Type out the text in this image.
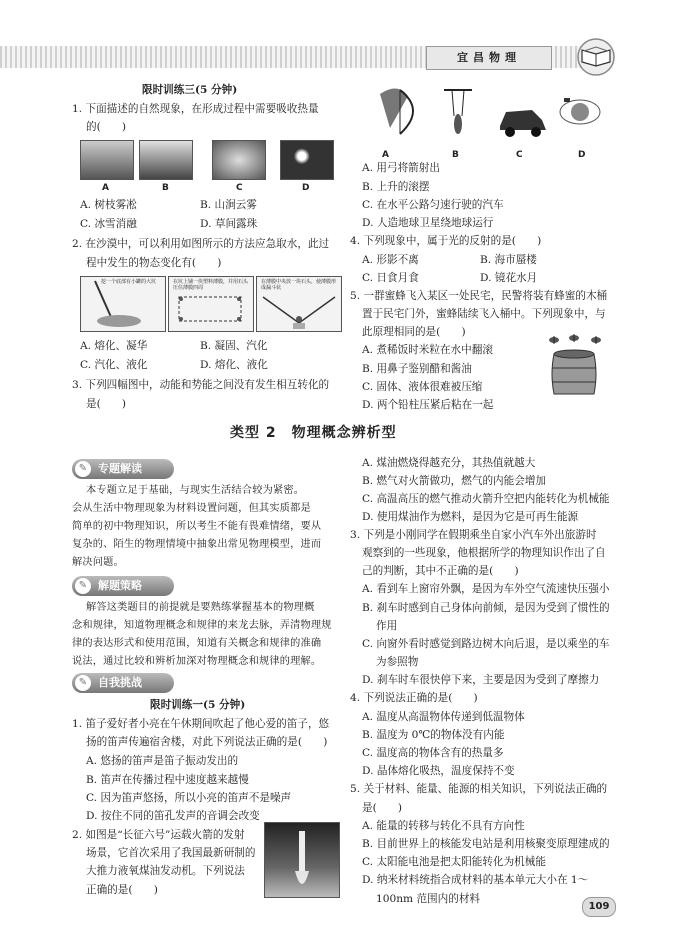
宜昌物理
限时训练三(5 分钟)
1. 下面描述的自然现象，在形成过程中需要吸收热量
的(　　)
A	B	C	D
A. 树枝雾凇	B. 山涧云雾
C. 冰雪消融	D. 草间露珠
2. 在沙漠中，可以利用如图所示的方法应急取水，此过
程中发生的物态变化有(　　)
挖一个底部有小罐的大坑	在坑上铺一块塑料薄膜，并用石头压住薄膜四周
在薄膜中央放一块石头，使薄膜形成漏斗状
A. 熔化、凝华	B. 凝固、汽化
C. 汽化、液化	D. 熔化、液化
3. 下列四幅图中，动能和势能之间没有发生相互转化的
是(　　)
A	B	C	D
A. 用弓将箭射出
B. 上升的滚摆
C. 在水平公路匀速行驶的汽车
D. 人造地球卫星绕地球运行
4. 下列现象中，属于光的反射的是(　　)
A. 形影不离	B. 海市蜃楼
C. 日食月食	D. 镜花水月
5. 一群蜜蜂飞入某区一处民宅，民警将装有蜂蜜的木桶
置于民宅门外，蜜蜂陆续飞入桶中。下列现象中，与
此原理相同的是(　　)
A. 煮稀饭时米粒在水中翻滚
B. 用鼻子鉴别醋和酱油
C. 固体、液体很难被压缩
D. 两个铅柱压紧后粘在一起
类型 2　物理概念辨析型
✎ 专题解读
本专题立足于基础，与现实生活结合较为紧密。
会从生活中物理现象为材料设置问题，但其实质都是
简单的初中物理知识，所以考生不能有畏难情绪，要从
复杂的、陌生的物理情境中抽象出常见物理模型，进而
解决问题。
✎ 解题策略
解答这类题目的前提就是要熟练掌握基本的物理概
念和规律，知道物理概念和规律的来龙去脉，弄清物理规
律的表达形式和使用范围，知道有关概念和规律的准确
说法，通过比较和辨析加深对物理概念和规律的理解。
✎ 自我挑战
限时训练一(5 分钟)
1. 笛子爱好者小亮在午休期间吹起了他心爱的笛子，悠
扬的笛声传遍宿舍楼，对此下列说法正确的是(　　)
A. 悠扬的笛声是笛子振动发出的
B. 笛声在传播过程中速度越来越慢
C. 因为笛声悠扬，所以小亮的笛声不是噪声
D. 按住不同的笛孔发声的音调会改变
2. 如图是“长征六号”运载火箭的发射
场景，它首次采用了我国最新研制的
大推力液氧煤油发动机。下列说法
正确的是(　　)
A. 煤油燃烧得越充分，其热值就越大
B. 燃气对火箭做功，燃气的内能会增加
C. 高温高压的燃气推动火箭升空把内能转化为机械能
D. 使用煤油作为燃料，是因为它是可再生能源
3. 下列是小刚同学在假期乘坐自家小汽车外出旅游时
观察到的一些现象，他根据所学的物理知识作出了自
己的判断，其中不正确的是(　　)
A. 看到车上窗帘外飘，是因为车外空气流速快压强小
B. 刹车时感到自己身体向前倾，是因为受到了惯性的
作用
C. 向窗外看时感觉到路边树木向后退，是以乘坐的车
为参照物
D. 刹车时车很快停下来，主要是因为受到了摩擦力
4. 下列说法正确的是(　　)
A. 温度从高温物体传递到低温物体
B. 温度为 0℃的物体没有内能
C. 温度高的物体含有的热量多
D. 晶体熔化吸热，温度保持不变
5. 关于材料、能量、能源的相关知识，下列说法正确的
是(　　)
A. 能量的转移与转化不具有方向性
B. 目前世界上的核能发电站是利用核聚变原理建成的
C. 太阳能电池是把太阳能转化为机械能
D. 纳米材料统指合成材料的基本单元大小在 1～
100nm 范围内的材料
109
